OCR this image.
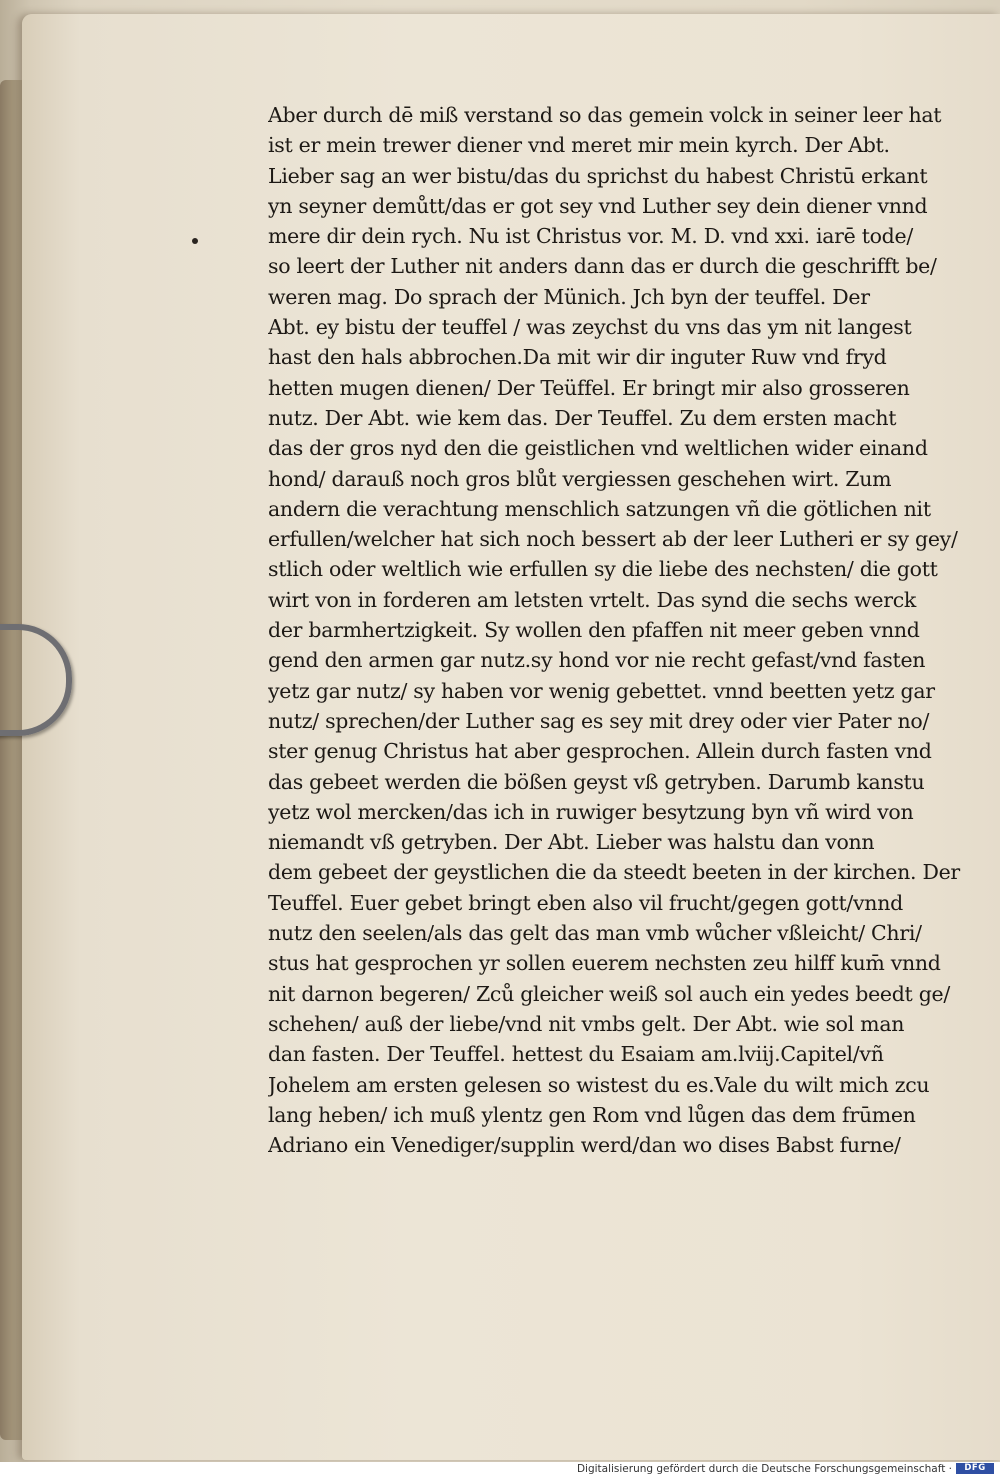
Aber durch dē miß verstand so das gemein volck in seiner leer hat
ist er mein trewer diener vnd meret mir mein kyrch. Der Abt.
Lieber sag an wer bistu/das du sprichst du habest Christū erkant
yn seyner demůtt/das er got sey vnd Luther sey dein diener vnnd
mere dir dein rych. Nu ist Christus vor. M. D. vnd xxi. iarē tode/
so leert der Luther nit anders dann das er durch die geschrifft be/
weren mag. Do sprach der Münich. Jch byn der teuffel. Der
Abt. ey bistu der teuffel / was zeychst du vns das ym nit langest
hast den hals abbrochen.Da mit wir dir inguter Ruw vnd fryd
hetten mugen dienen/ Der Teüffel. Er bringt mir also grosseren
nutz. Der Abt. wie kem das. Der Teuffel. Zu dem ersten macht
das der gros nyd den die geistlichen vnd weltlichen wider einand
hond/ darauß noch gros blůt vergiessen geschehen wirt. Zum
andern die verachtung menschlich satzungen vñ die götlichen nit
erfullen/welcher hat sich noch bessert ab der leer Lutheri er sy gey/
stlich oder weltlich wie erfullen sy die liebe des nechsten/ die gott
wirt von in forderen am letsten vrtelt. Das synd die sechs werck
der barmhertzigkeit. Sy wollen den pfaffen nit meer geben vnnd
gend den armen gar nutz.sy hond vor nie recht gefast/vnd fasten
yetz gar nutz/ sy haben vor wenig gebettet. vnnd beetten yetz gar
nutz/ sprechen/der Luther sag es sey mit drey oder vier Pater no/
ster genug Christus hat aber gesprochen. Allein durch fasten vnd
das gebeet werden die bößen geyst vß getryben. Darumb kanstu
yetz wol mercken/das ich in ruwiger besytzung byn vñ wird von
niemandt vß getryben. Der Abt. Lieber was halstu dan vonn
dem gebeet der geystlichen die da steedt beeten in der kirchen. Der
Teuffel. Euer gebet bringt eben also vil frucht/gegen gott/vnnd
nutz den seelen/als das gelt das man vmb wůcher vßleicht/ Chri/
stus hat gesprochen yr sollen euerem nechsten zeu hilff kum̄ vnnd
nit darnon begeren/ Zců gleicher weiß sol auch ein yedes beedt ge/
schehen/ auß der liebe/vnd nit vmbs gelt. Der Abt. wie sol man
dan fasten. Der Teuffel. hettest du Esaiam am.lviij.Capitel/vñ
Johelem am ersten gelesen so wistest du es.Vale du wilt mich zcu
lang heben/ ich muß ylentz gen Rom vnd lůgen das dem frūmen
Adriano ein Venediger/supplin werd/dan wo dises Babst furne/
Digitalisierung gefördert durch die Deutsche Forschungsgemeinschaft ·	DFG
